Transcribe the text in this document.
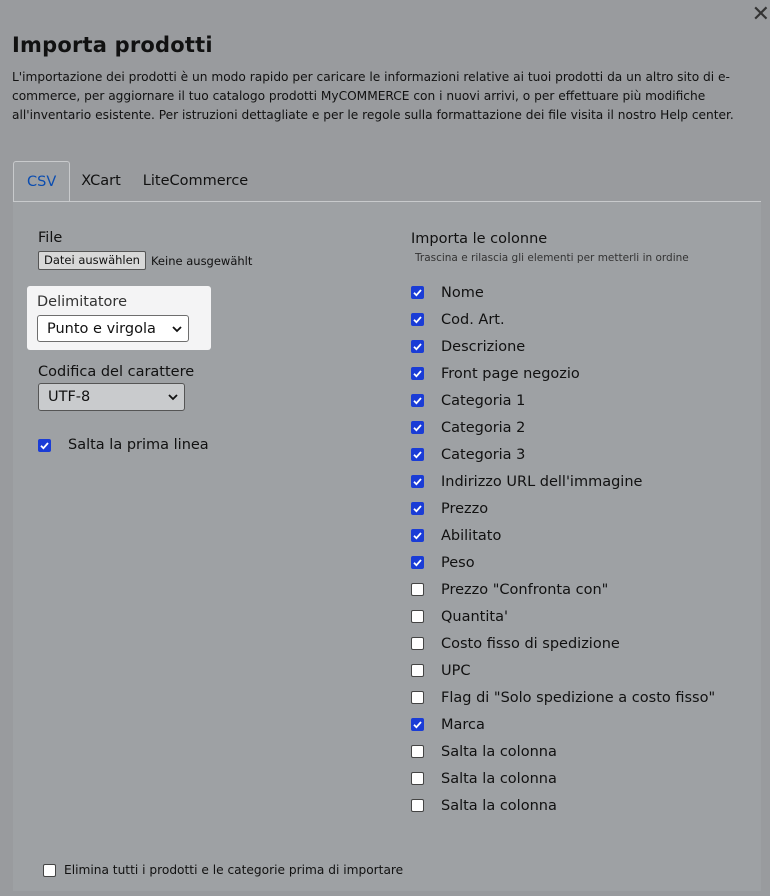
✕
Importa prodotti

L'importazione dei prodotti è un modo rapido per caricare le informazioni relative ai tuoi prodotti da un altro sito di e-commerce, per aggiornare il tuo catalogo prodotti MyCOMMERCE con i nuovi arrivi, o per effettuare più modifiche all'inventario esistente. Per istruzioni dettagliate e per le regole sulla formattazione dei file visita il nostro Help center.

CSV	XCart	LiteCommerce
File
Datei auswählen Keine ausgewählt
Delimitatore
Punto e virgola
Codifica del carattere
UTF-8
Salta la prima linea
Importa le colonne
Trascina e rilascia gli elementi per metterli in ordine
Nome
Cod. Art.
Descrizione
Front page negozio
Categoria 1
Categoria 2
Categoria 3
Indirizzo URL dell'immagine
Prezzo
Abilitato
Peso
Prezzo "Confronta con"
Quantita'
Costo fisso di spedizione
UPC
Flag di "Solo spedizione a costo fisso"
Marca
Salta la colonna
Salta la colonna
Salta la colonna
Elimina tutti i prodotti e le categorie prima di importare
